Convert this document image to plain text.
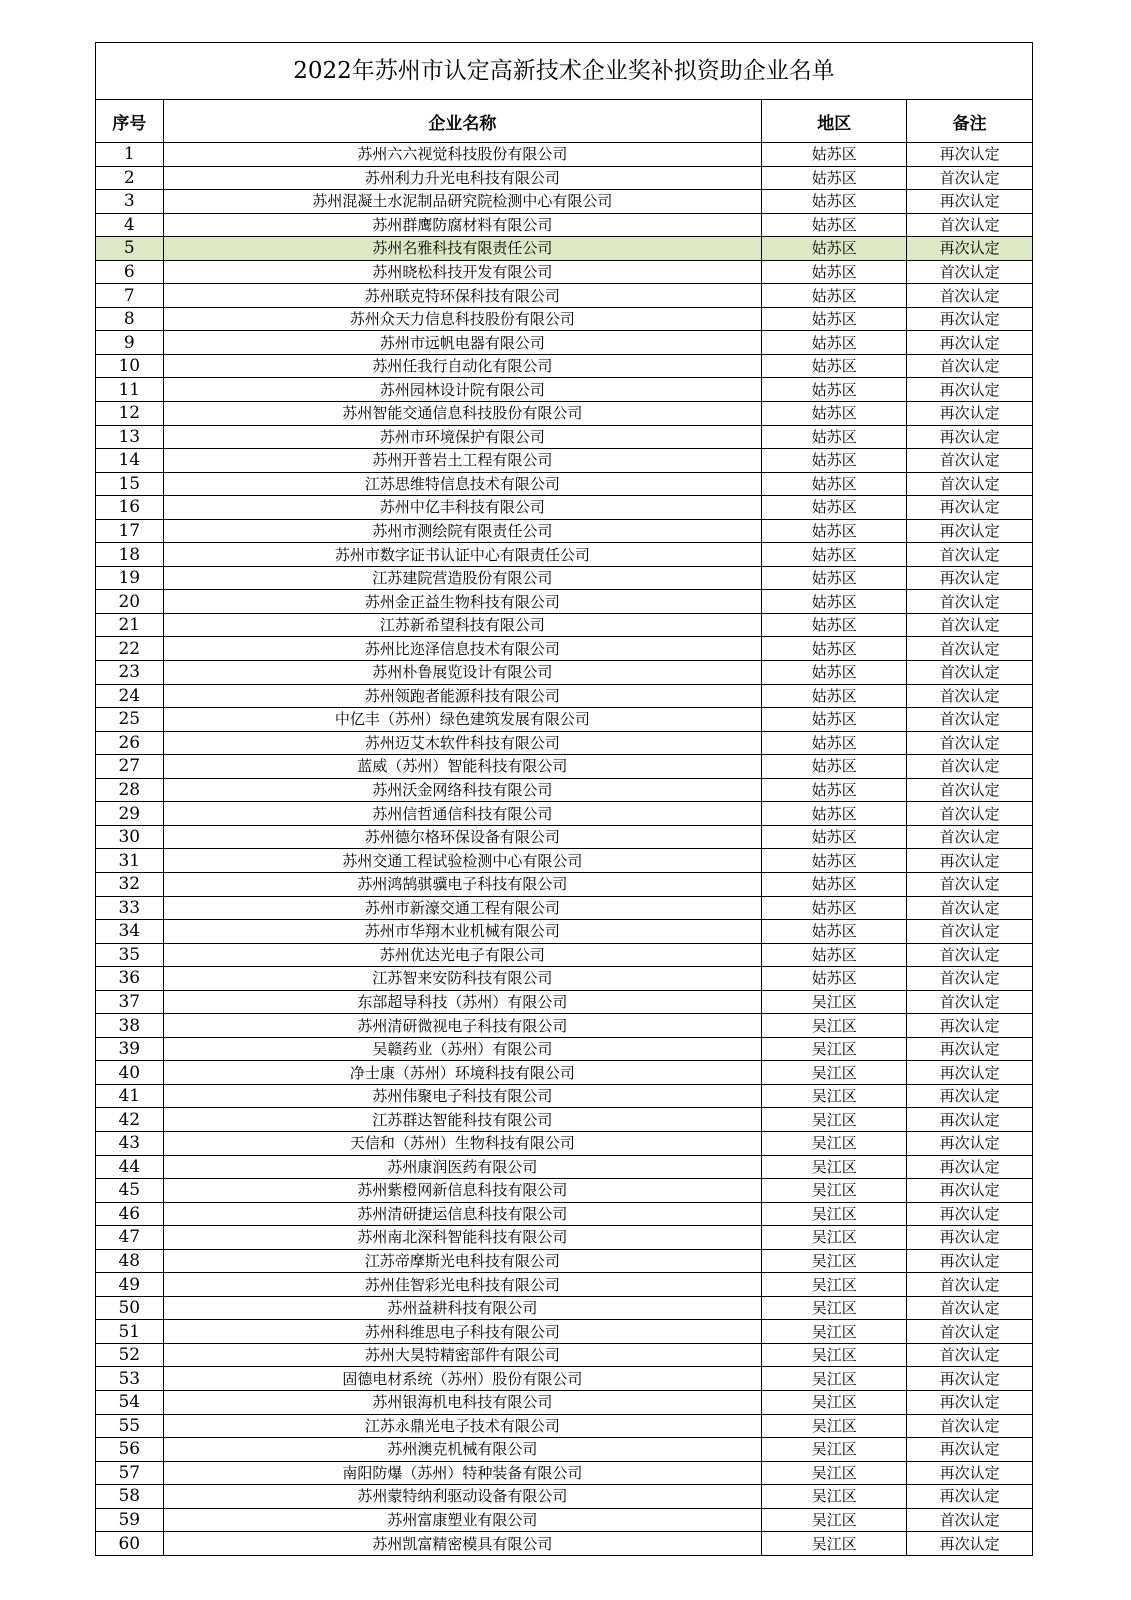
2022年苏州市认定高新技术企业奖补拟资助企业名单
序号	企业名称	地区	备注
1	苏州六六视觉科技股份有限公司	姑苏区	再次认定
2	苏州利力升光电科技有限公司	姑苏区	首次认定
3	苏州混凝土水泥制品研究院检测中心有限公司	姑苏区	再次认定
4	苏州群鹰防腐材料有限公司	姑苏区	首次认定
5	苏州名雅科技有限责任公司	姑苏区	再次认定
6	苏州晓松科技开发有限公司	姑苏区	首次认定
7	苏州联克特环保科技有限公司	姑苏区	首次认定
8	苏州众天力信息科技股份有限公司	姑苏区	再次认定
9	苏州市远帆电器有限公司	姑苏区	再次认定
10	苏州任我行自动化有限公司	姑苏区	首次认定
11	苏州园林设计院有限公司	姑苏区	再次认定
12	苏州智能交通信息科技股份有限公司	姑苏区	再次认定
13	苏州市环境保护有限公司	姑苏区	再次认定
14	苏州开普岩土工程有限公司	姑苏区	首次认定
15	江苏思维特信息技术有限公司	姑苏区	首次认定
16	苏州中亿丰科技有限公司	姑苏区	再次认定
17	苏州市测绘院有限责任公司	姑苏区	再次认定
18	苏州市数字证书认证中心有限责任公司	姑苏区	首次认定
19	江苏建院营造股份有限公司	姑苏区	再次认定
20	苏州金正益生物科技有限公司	姑苏区	首次认定
21	江苏新希望科技有限公司	姑苏区	首次认定
22	苏州比迩泽信息技术有限公司	姑苏区	首次认定
23	苏州朴鲁展览设计有限公司	姑苏区	首次认定
24	苏州领跑者能源科技有限公司	姑苏区	首次认定
25	中亿丰（苏州）绿色建筑发展有限公司	姑苏区	首次认定
26	苏州迈艾木软件科技有限公司	姑苏区	首次认定
27	蓝威（苏州）智能科技有限公司	姑苏区	首次认定
28	苏州沃金网络科技有限公司	姑苏区	首次认定
29	苏州信哲通信科技有限公司	姑苏区	首次认定
30	苏州德尔格环保设备有限公司	姑苏区	首次认定
31	苏州交通工程试验检测中心有限公司	姑苏区	再次认定
32	苏州鸿鹄骐骥电子科技有限公司	姑苏区	首次认定
33	苏州市新濠交通工程有限公司	姑苏区	首次认定
34	苏州市华翔木业机械有限公司	姑苏区	首次认定
35	苏州优达光电子有限公司	姑苏区	首次认定
36	江苏智来安防科技有限公司	姑苏区	首次认定
37	东部超导科技（苏州）有限公司	吴江区	首次认定
38	苏州清研微视电子科技有限公司	吴江区	再次认定
39	吴赣药业（苏州）有限公司	吴江区	再次认定
40	净士康（苏州）环境科技有限公司	吴江区	再次认定
41	苏州伟聚电子科技有限公司	吴江区	再次认定
42	江苏群达智能科技有限公司	吴江区	再次认定
43	天信和（苏州）生物科技有限公司	吴江区	再次认定
44	苏州康润医药有限公司	吴江区	再次认定
45	苏州紫橙网新信息科技有限公司	吴江区	再次认定
46	苏州清研捷运信息科技有限公司	吴江区	再次认定
47	苏州南北深科智能科技有限公司	吴江区	再次认定
48	江苏帝摩斯光电科技有限公司	吴江区	再次认定
49	苏州佳智彩光电科技有限公司	吴江区	首次认定
50	苏州益耕科技有限公司	吴江区	首次认定
51	苏州科维思电子科技有限公司	吴江区	首次认定
52	苏州大昊特精密部件有限公司	吴江区	首次认定
53	固德电材系统（苏州）股份有限公司	吴江区	再次认定
54	苏州银海机电科技有限公司	吴江区	再次认定
55	江苏永鼎光电子技术有限公司	吴江区	首次认定
56	苏州澳克机械有限公司	吴江区	再次认定
57	南阳防爆（苏州）特种装备有限公司	吴江区	再次认定
58	苏州蒙特纳利驱动设备有限公司	吴江区	再次认定
59	苏州富康塑业有限公司	吴江区	首次认定
60	苏州凯富精密模具有限公司	吴江区	再次认定
